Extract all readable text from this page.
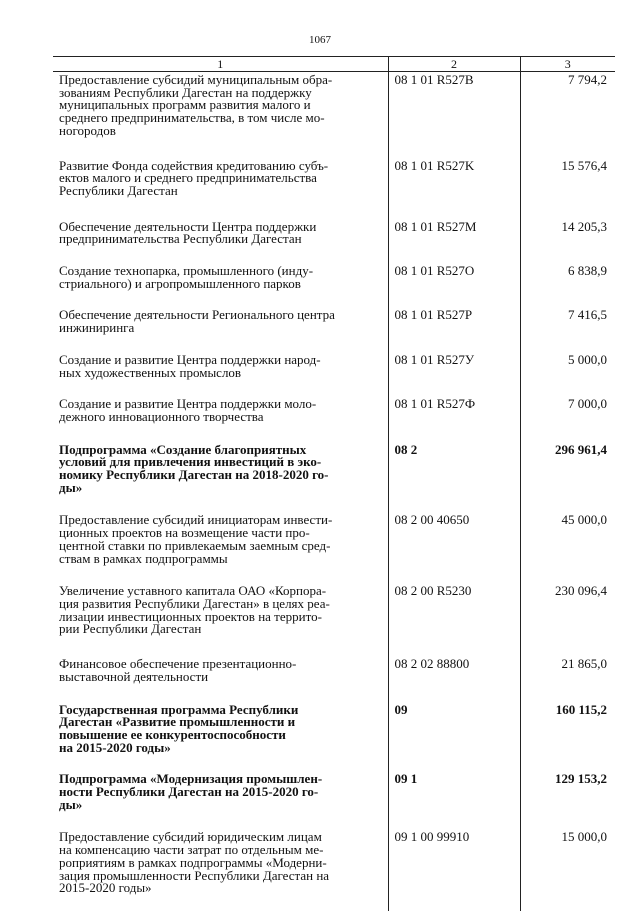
1067
1	2	3
Предоставление субсидий муниципальным обра-
зованиям Республики Дагестан на поддержку
муниципальных программ развития малого и
среднего предпринимательства, в том числе мо-
ногородов	08 1 01 R527B	7 794,2
Развитие Фонда содействия кредитованию субъ-
ектов малого и среднего предпринимательства
Республики Дагестан	08 1 01 R527K	15 576,4
Обеспечение деятельности Центра поддержки
предпринимательства Республики Дагестан	08 1 01 R527M	14 205,3
Создание технопарка, промышленного (инду-
стриального) и агропромышленного парков	08 1 01 R527O	6 838,9
Обеспечение деятельности Регионального центра
инжиниринга	08 1 01 R527P	7 416,5
Создание и развитие Центра поддержки народ-
ных художественных промыслов	08 1 01 R527У	5 000,0
Создание и развитие Центра поддержки моло-
дежного инновационного творчества	08 1 01 R527Ф	7 000,0
Подпрограмма «Создание благоприятных
условий для привлечения инвестиций в эко-
номику Республики Дагестан на 2018-2020 го-
ды»	08 2	296 961,4
Предоставление субсидий инициаторам инвести-
ционных проектов на возмещение части про-
центной ставки по привлекаемым заемным сред-
ствам в рамках подпрограммы	08 2 00 40650	45 000,0
Увеличение уставного капитала ОАО «Корпора-
ция развития Республики Дагестан» в целях реа-
лизации инвестиционных проектов на террито-
рии Республики Дагестан	08 2 00 R5230	230 096,4
Финансовое обеспечение презентационно-
выставочной деятельности	08 2 02 88800	21 865,0
Государственная программа Республики
Дагестан «Развитие промышленности и
повышение ее конкурентоспособности
на 2015-2020 годы»	09	160 115,2
Подпрограмма «Модернизация промышлен-
ности Республики Дагестан на 2015-2020 го-
ды»	09 1	129 153,2
Предоставление субсидий юридическим лицам
на компенсацию части затрат по отдельным ме-
роприятиям в рамках подпрограммы «Модерни-
зация промышленности Республики Дагестан на
2015-2020 годы»	09 1 00 99910	15 000,0
